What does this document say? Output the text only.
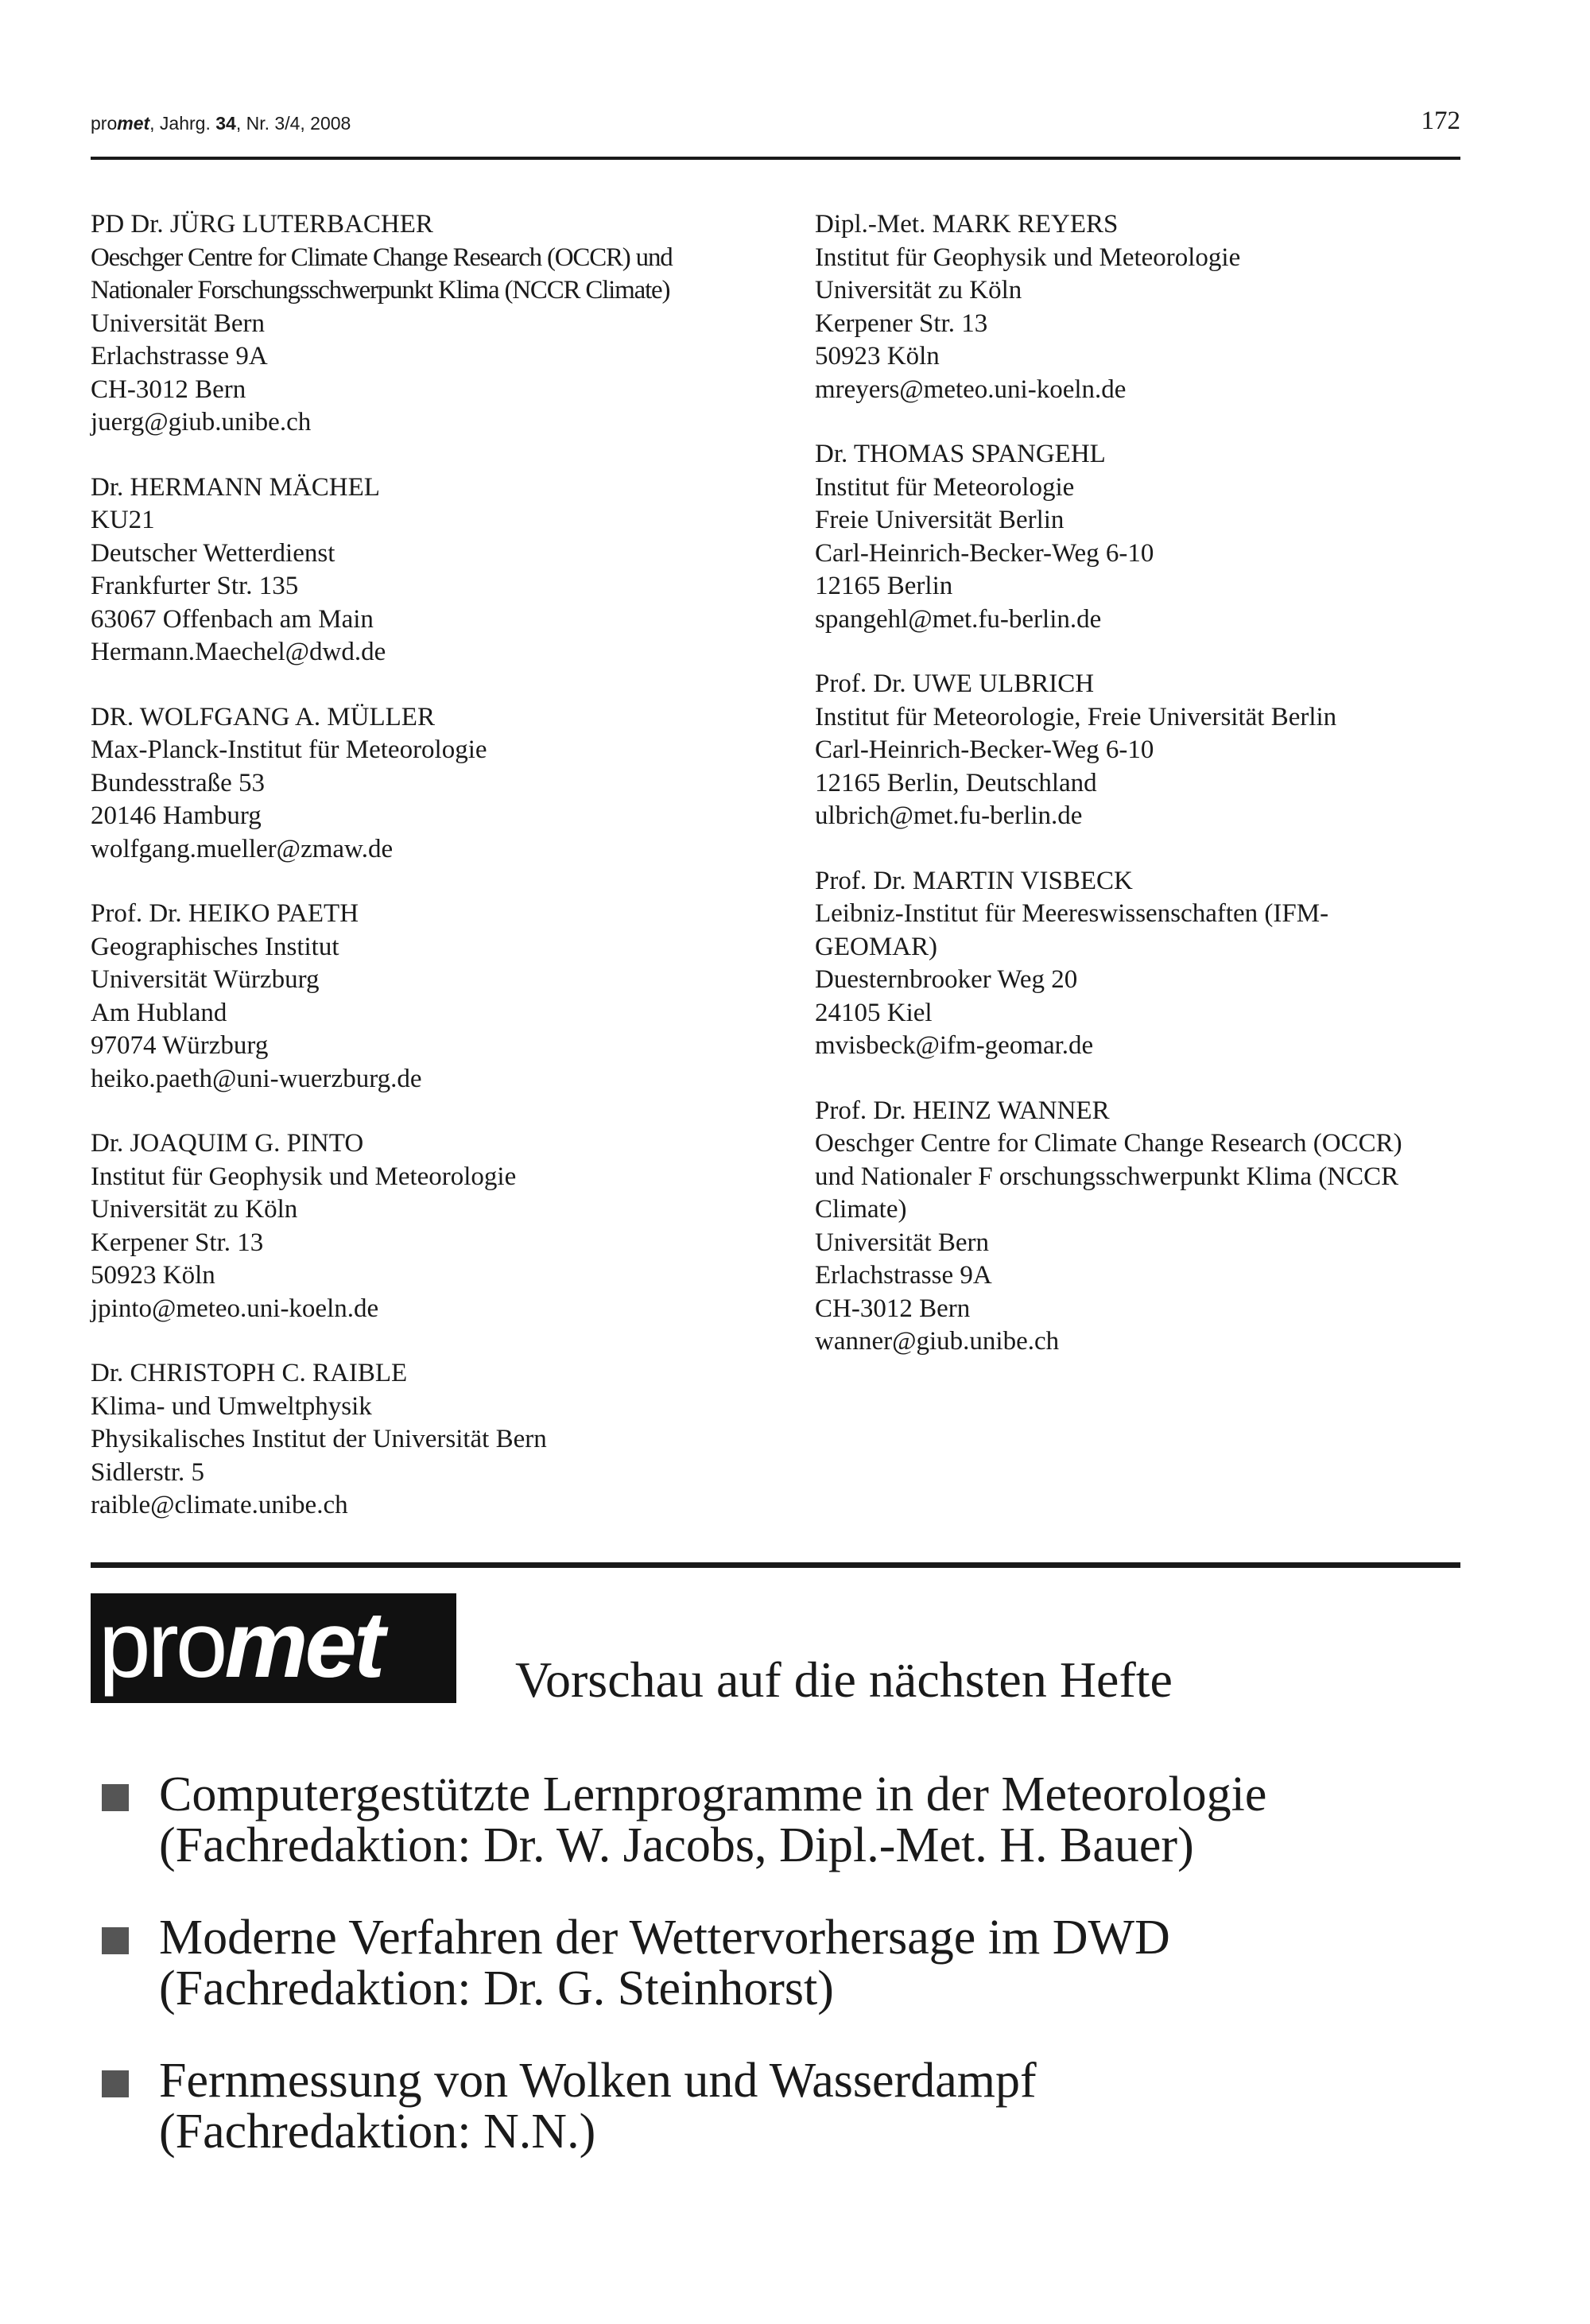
promet, Jahrg. 34, Nr. 3/4, 2008	172
PD Dr. JÜRG LUTERBACHER
Oeschger Centre for Climate Change Research (OCCR) und
Nationaler Forschungsschwerpunkt Klima (NCCR Climate)
Universität Bern
Erlachstrasse 9A
CH-3012 Bern
juerg@giub.unibe.ch
Dr. HERMANN MÄCHEL
KU21
Deutscher Wetterdienst
Frankfurter Str. 135
63067 Offenbach am Main
Hermann.Maechel@dwd.de
DR. WOLFGANG A. MÜLLER
Max-Planck-Institut für Meteorologie
Bundesstraße 53
20146 Hamburg
wolfgang.mueller@zmaw.de
Prof. Dr. HEIKO PAETH
Geographisches Institut
Universität Würzburg
Am Hubland
97074 Würzburg
heiko.paeth@uni-wuerzburg.de
Dr. JOAQUIM G. PINTO
Institut für Geophysik und Meteorologie
Universität zu Köln
Kerpener Str. 13
50923 Köln
jpinto@meteo.uni-koeln.de
Dr. CHRISTOPH C. RAIBLE
Klima- und Umweltphysik
Physikalisches Institut der Universität Bern
Sidlerstr. 5
raible@climate.unibe.ch
Dipl.-Met. MARK REYERS
Institut für Geophysik und Meteorologie
Universität zu Köln
Kerpener Str. 13
50923 Köln
mreyers@meteo.uni-koeln.de
Dr. THOMAS SPANGEHL
Institut für Meteorologie
Freie Universität Berlin
Carl-Heinrich-Becker-Weg 6-10
12165 Berlin
spangehl@met.fu-berlin.de
Prof. Dr. UWE ULBRICH
Institut für Meteorologie, Freie Universität Berlin
Carl-Heinrich-Becker-Weg 6-10
12165 Berlin, Deutschland
ulbrich@met.fu-berlin.de
Prof. Dr. MARTIN VISBECK
Leibniz-Institut für Meereswissenschaften (IFM-
GEOMAR)
Duesternbrooker Weg 20
24105 Kiel
mvisbeck@ifm-geomar.de
Prof. Dr. HEINZ WANNER
Oeschger Centre for Climate Change Research (OCCR)
und Nationaler F orschungsschwerpunkt Klima (NCCR
Climate)
Universität Bern
Erlachstrasse 9A
CH-3012 Bern
wanner@giub.unibe.ch
promet	Vorschau auf die nächsten Hefte
Computergestützte Lernprogramme in der Meteorologie
(Fachredaktion: Dr. W. Jacobs, Dipl.-Met. H. Bauer)
Moderne Verfahren der Wettervorhersage im DWD
(Fachredaktion: Dr. G. Steinhorst)
Fernmessung von Wolken und Wasserdampf
(Fachredaktion: N.N.)
